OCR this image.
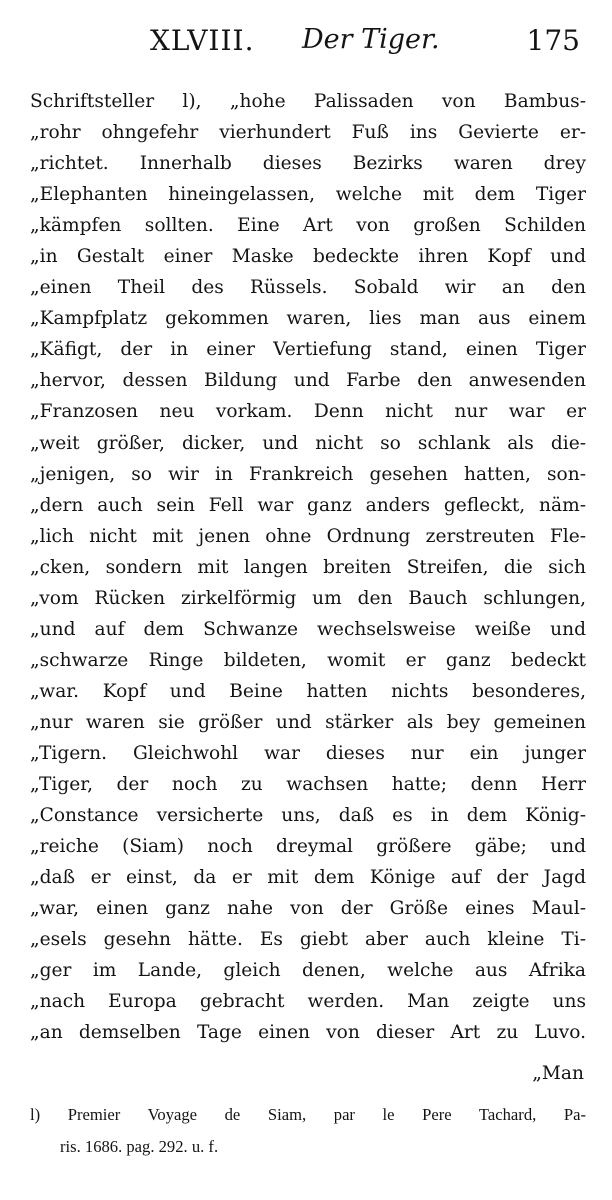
XLVIII. Der Tiger.	175
Schriftsteller l), „hohe Palissaden von Bambus-
„rohr ohngefehr vierhundert Fuß ins Gevierte er-
„richtet. Innerhalb dieses Bezirks waren drey
„Elephanten hineingelassen, welche mit dem Tiger
„kämpfen sollten. Eine Art von großen Schilden
„in Gestalt einer Maske bedeckte ihren Kopf und
„einen Theil des Rüssels. Sobald wir an den
„Kampfplatz gekommen waren, lies man aus einem
„Käfigt, der in einer Vertiefung stand, einen Tiger
„hervor, dessen Bildung und Farbe den anwesenden
„Franzosen neu vorkam. Denn nicht nur war er
„weit größer, dicker, und nicht so schlank als die-
„jenigen, so wir in Frankreich gesehen hatten, son-
„dern auch sein Fell war ganz anders gefleckt, näm-
„lich nicht mit jenen ohne Ordnung zerstreuten Fle-
„cken, sondern mit langen breiten Streifen, die sich
„vom Rücken zirkelförmig um den Bauch schlungen,
„und auf dem Schwanze wechselsweise weiße und
„schwarze Ringe bildeten, womit er ganz bedeckt
„war. Kopf und Beine hatten nichts besonderes,
„nur waren sie größer und stärker als bey gemeinen
„Tigern. Gleichwohl war dieses nur ein junger
„Tiger, der noch zu wachsen hatte; denn Herr
„Constance versicherte uns, daß es in dem König-
„reiche (Siam) noch dreymal größere gäbe; und
„daß er einst, da er mit dem Könige auf der Jagd
„war, einen ganz nahe von der Größe eines Maul-
„esels gesehn hätte. Es giebt aber auch kleine Ti-
„ger im Lande, gleich denen, welche aus Afrika
„nach Europa gebracht werden. Man zeigte uns
„an demselben Tage einen von dieser Art zu Luvo.
„Man
l) Premier Voyage de Siam, par le Pere Tachard, Pa-
ris. 1686. pag. 292. u. f.
